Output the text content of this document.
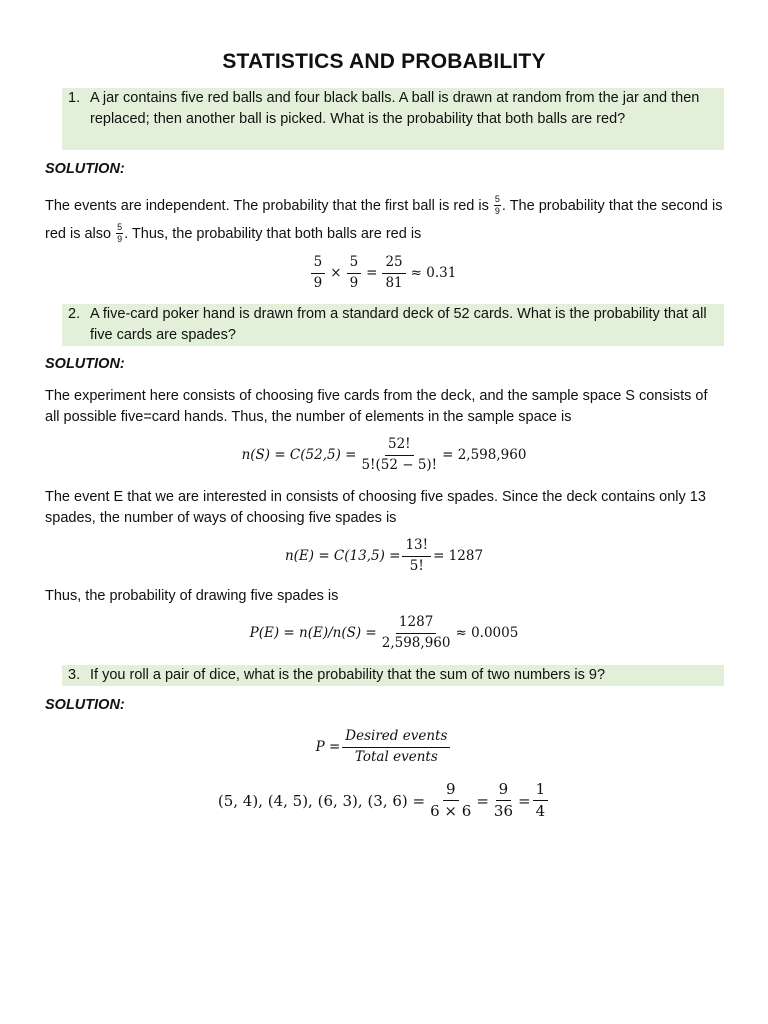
STATISTICS AND PROBABILITY
1. A jar contains five red balls and four black balls. A ball is drawn at random from the jar and then replaced; then another ball is picked. What is the probability that both balls are red?
SOLUTION:
The events are independent. The probability that the first ball is red is $\frac{5}{9}$ . The probability that the second is red is also $\frac{5}{9}$ . Thus, the probability that both balls are red is
$\frac{5}{9} \times \frac{5}{9} = \frac{25}{81} \approx 0.31$
2. A five-card poker hand is drawn from a standard deck of 52 cards. What is the probability that all five cards are spades?
SOLUTION:
The experiment here consists of choosing five cards from the deck, and the sample space S consists of all possible five=card hands. Thus, the number of elements in the sample space is
$n(S) = C(52,5) = \frac{52!}{5!(52 - 5)!} = 2,598,960$
The event E that we are interested in consists of choosing five spades. Since the deck contains only 13 spades, the number of ways of choosing five spades is
$n(E) = C(13,5) = \frac{13!}{5!} = 1287$
Thus, the probability of drawing five spades is
$P(E) = n(E)/n(S) = \frac{1287}{2,598,960} \approx 0.0005$
3. If you roll a pair of dice, what is the probability that the sum of two numbers is 9?
SOLUTION:
$P = \frac{\text{Desired events}}{\text{Total events}}$
(5, 4), (4, 5), (6, 3), (3, $6) = \frac{9}{6 \times 6} = \frac{9}{36} = \frac{1}{4}$
